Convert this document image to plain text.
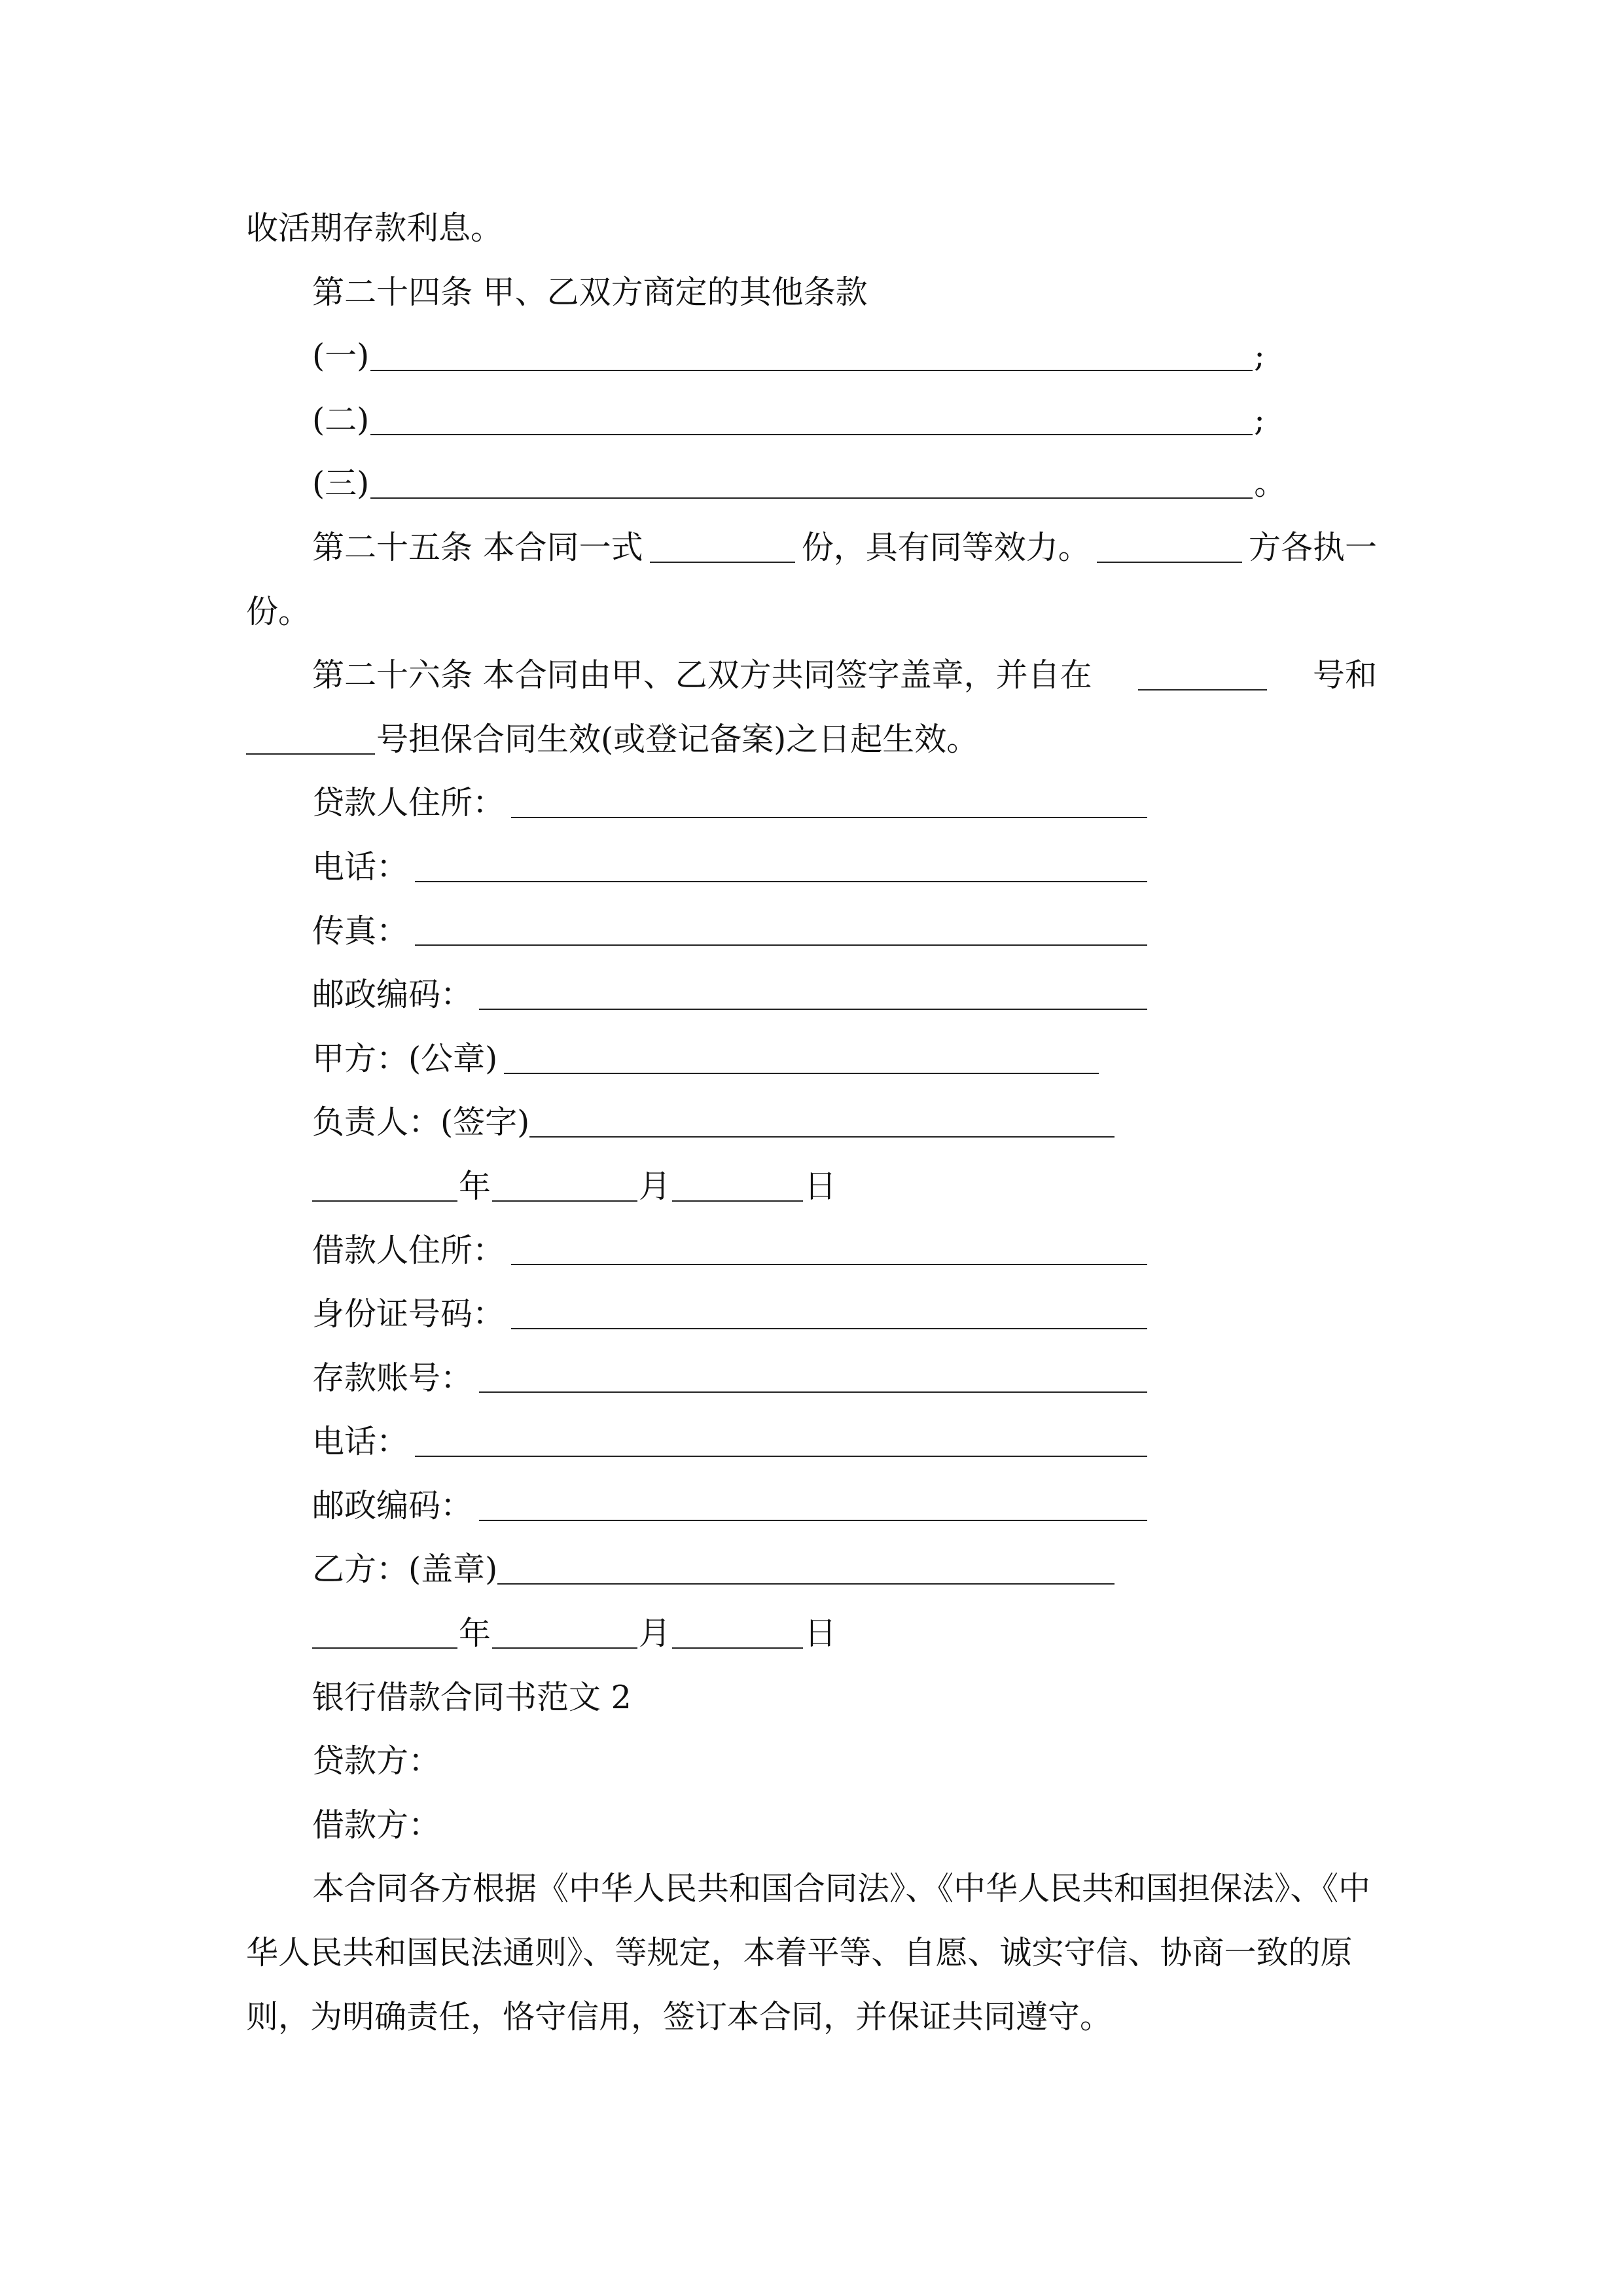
收活期存款利息。
第二十四条 甲、乙双方商定的其他条款
(一)	;
(二)	;
(三)	。
第二十五条 本合同一式	份，具有同等效力。	方各执一
份。
第二十六条 本合同由甲、乙双方共同签字盖章，并自在	号和
号担保合同生效(或登记备案)之日起生效。
贷款人住所：
电话：
传真：
邮政编码：
甲方：(公章)
负责人：(签字)
年	月	日
借款人住所：
身份证号码：
存款账号：
电话：
邮政编码：
乙方：(盖章)
年	月	日
银行借款合同书范文 2
贷款方：
借款方：
本合同各方根据《中华人民共和国合同法》、《中华人民共和国担保法》、《中
华人民共和国民法通则》、等规定，本着平等、自愿、诚实守信、协商一致的原
则，为明确责任，恪守信用，签订本合同，并保证共同遵守。
